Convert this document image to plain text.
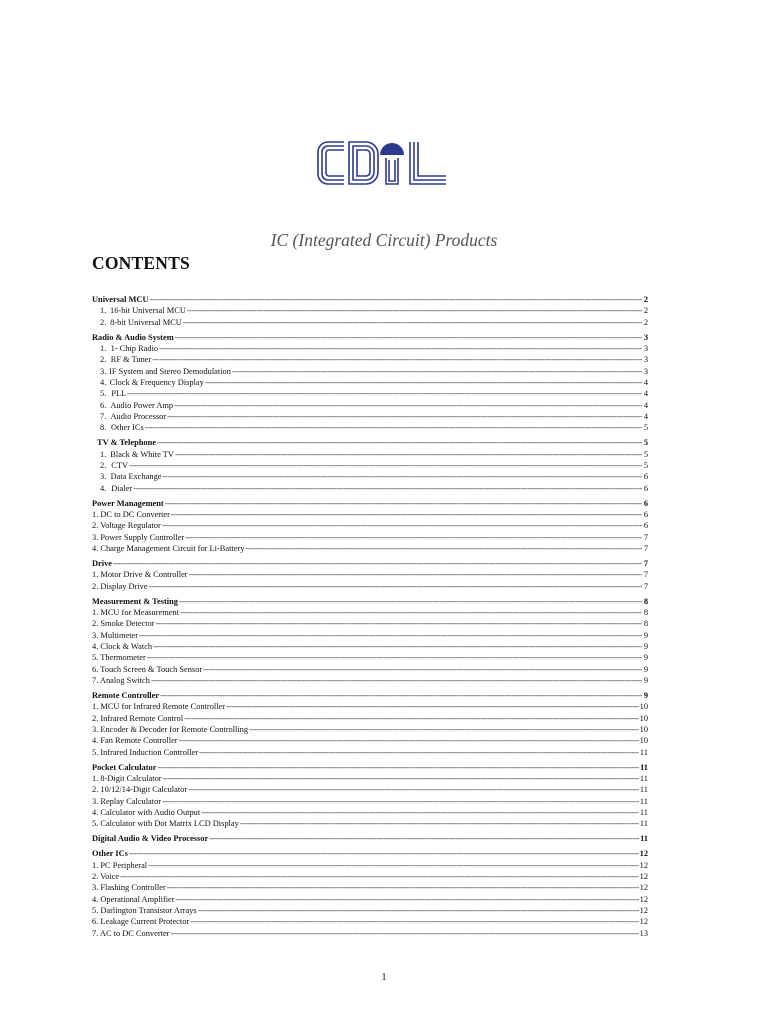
IC (Integrated Circuit) Products
CONTENTS
Universal MCU -----	2
1. 16-bit Universal MCU -----	2
2. 8-bit Universal MCU -----	2
Radio & Audio System -----	3
1. 1- Chip Radio -----	3
2. RF & Tuner -----	3
3. IF System and Stereo Demodulation -----	3
4. Clock & Frequency Display -----	4
5. PLL -----	4
6. Audio Power Amp -----	4
7. Audio Processor -----	4
8. Other ICs -----	5
TV & Telephone -----	5
1. Black & White TV -----	5
2. CTV -----	5
3. Data Exchange -----	6
4. Dialer -----	6
Power Management -----	6
1. DC to DC Converter -----	6
2. Voltage Regulator -----	6
3. Power Supply Controller -----	7
4. Charge Management Circuit for Li-Battery -----	7
Drive -----	7
1. Motor Drive & Controller -----	7
2. Display Drive -----	7
Measurement & Testing -----	8
1. MCU for Measurement -----	8
2. Smoke Detector -----	8
3. Multimeter -----	9
4. Clock & Watch -----	9
5. Thermometer -----	9
6. Touch Screen & Touch Sensor -----	9
7. Analog Switch -----	9
Remote Controller -----	9
1. MCU for Infrared Remote Controller -----	10
2. Infrared Remote Control -----	10
3. Encoder & Decoder for Remote Controlling -----	10
4. Fan Remote Controller -----	10
5. Infrared Induction Controller -----	11
Pocket Calculator -----	11
1. 8-Digit Calculator -----	11
2. 10/12/14-Digit Calculator -----	11
3. Replay Calculator -----	11
4. Calculator with Audio Output -----	11
5. Calculator with Dot Matrix LCD Display -----	11
Digital Audio & Video Processor -----	11
Other ICs -----	12
1. PC Peripheral -----	12
2. Voice -----	12
3. Flashing Controller -----	12
4. Operational Amplifier -----	12
5. Darlington Transistor Arrays -----	12
6. Leakage Current Protector -----	12
7. AC to DC Converter -----	13
1
